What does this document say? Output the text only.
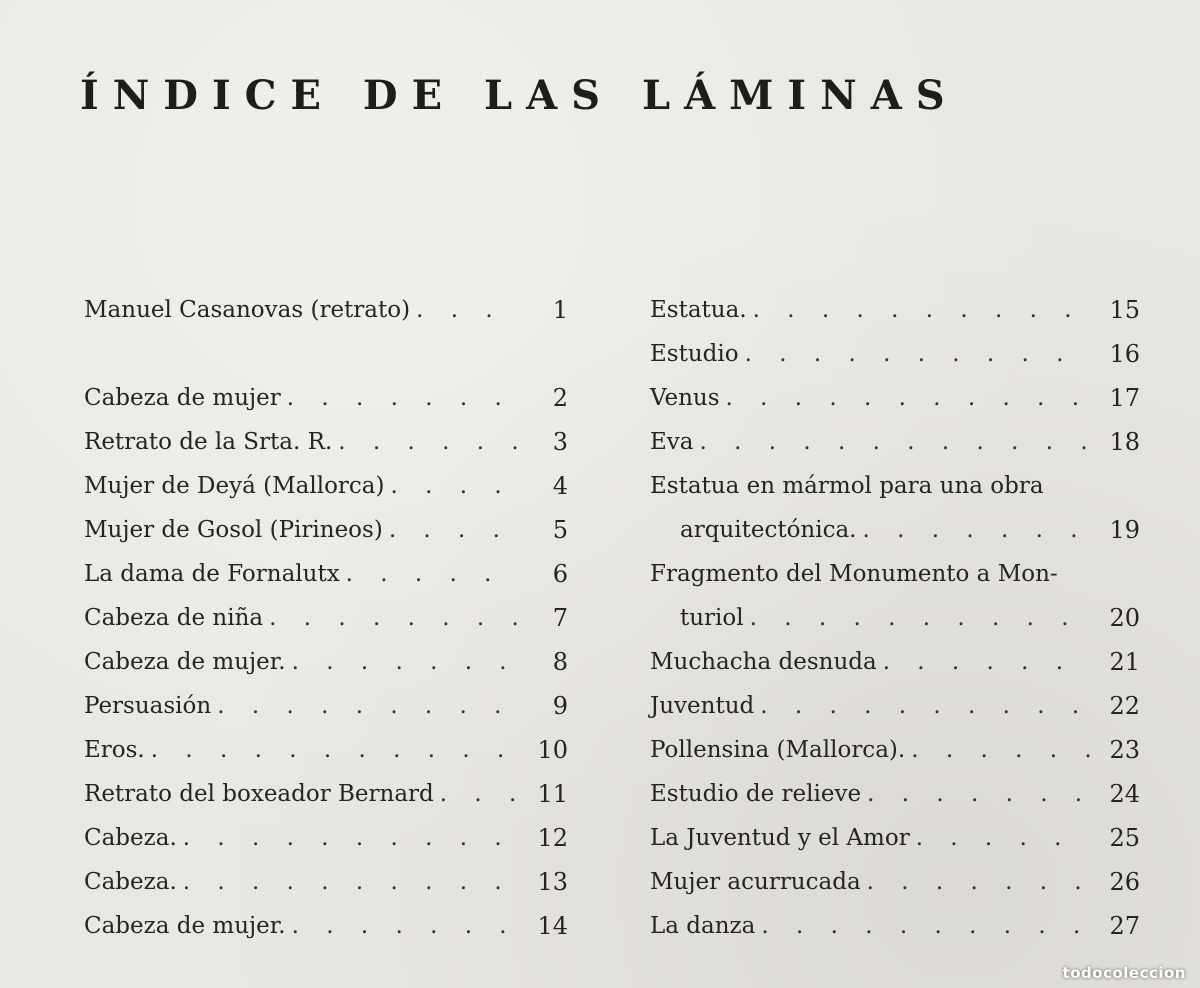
ÍNDICE DE LAS LÁMINAS
Manuel Casanovas (retrato) . . .	1
Cabeza de mujer . . .	2
Retrato de la Srta. R. . . .	3
Mujer de Deyá (Mallorca) . . .	4
Mujer de Gosol (Pirineos) . . .	5
La dama de Fornalutx . . .	6
Cabeza de niña . . .	7
Cabeza de mujer. . . .	8
Persuasión . . .	9
Eros. . . .	10
Retrato del boxeador Bernard . . .	11
Cabeza. . . .	12
Cabeza. . . .	13
Cabeza de mujer. . . .	14
Estatua. . . .	15
Estudio . . .	16
Venus . . .	17
Eva . . .	18
Estatua en mármol para una obra
arquitectónica. . . .	19
Fragmento del Monumento a Mon-
turiol . . .	20
Muchacha desnuda . . .	21
Juventud . . .	22
Pollensina (Mallorca). . . .	23
Estudio de relieve . . .	24
La Juventud y el Amor . . .	25
Mujer acurrucada . . .	26
La danza . . .	27
todocoleccion
